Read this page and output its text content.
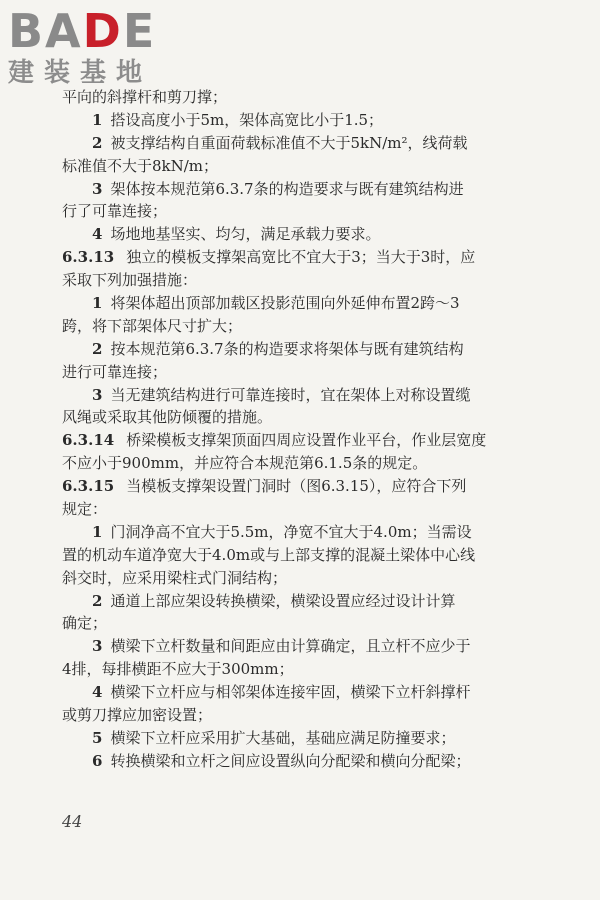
BADE
建装基地
平向的斜撑杆和剪刀撑；
1 搭设高度小于5m，架体高宽比小于1.5；
2 被支撑结构自重面荷载标准值不大于5kN/m²，线荷载
标准值不大于8kN/m；
3 架体按本规范第6.3.7条的构造要求与既有建筑结构进
行了可靠连接；
4 场地地基坚实、均匀，满足承载力要求。
6.3.13 独立的模板支撑架高宽比不宜大于3；当大于3时，应
采取下列加强措施：
1 将架体超出顶部加载区投影范围向外延伸布置2跨～3
跨，将下部架体尺寸扩大；
2 按本规范第6.3.7条的构造要求将架体与既有建筑结构
进行可靠连接；
3 当无建筑结构进行可靠连接时，宜在架体上对称设置缆
风绳或采取其他防倾覆的措施。
6.3.14 桥梁模板支撑架顶面四周应设置作业平台，作业层宽度
不应小于900mm，并应符合本规范第6.1.5条的规定。
6.3.15 当模板支撑架设置门洞时（图6.3.15），应符合下列
规定：
1 门洞净高不宜大于5.5m，净宽不宜大于4.0m；当需设
置的机动车道净宽大于4.0m或与上部支撑的混凝土梁体中心线
斜交时，应采用梁柱式门洞结构；
2 通道上部应架设转换横梁，横梁设置应经过设计计算
确定；
3 横梁下立杆数量和间距应由计算确定，且立杆不应少于
4排，每排横距不应大于300mm；
4 横梁下立杆应与相邻架体连接牢固，横梁下立杆斜撑杆
或剪刀撑应加密设置；
5 横梁下立杆应采用扩大基础，基础应满足防撞要求；
6 转换横梁和立杆之间应设置纵向分配梁和横向分配梁；
44
